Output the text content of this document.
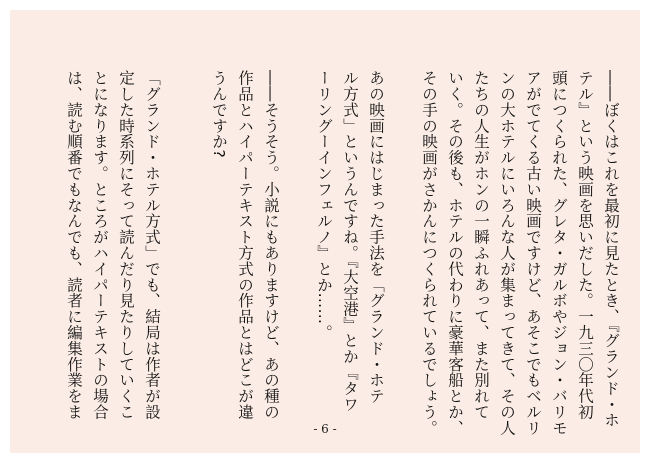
――ぼくはこれを最初に見たとき、『グランド・ホ
テル』という映画を思いだした。一九三〇年代初
頭につくられた、グレタ・ガルボやジョン・バリモ
アがでてくる古い映画ですけど、あそこでもベルリ
ンの大ホテルにいろんな人が集まってきて、その人
たちの人生がホンの一瞬ふれあって、また別れて
いく。その後も、ホテルの代わりに豪華客船とか、
その手の映画がさかんにつくられているでしょう。
あの映画にはじまった手法を「グランド・ホテ
ル方式」というんですね。『大空港』とか『タワ
ーリングーインフェルノ』とか……。
――そうそう。小説にもありますけど、あの種の
作品とハイパーテキスト方式の作品とはどこが違
うんですか?
「グランド・ホテル方式」でも、結局は作者が設
定した時系列にそって読んだり見たりしていくこ
とになります。ところがハイパーテキストの場合
は、読む順番でもなんでも、読者に編集作業をま
- 6 -
